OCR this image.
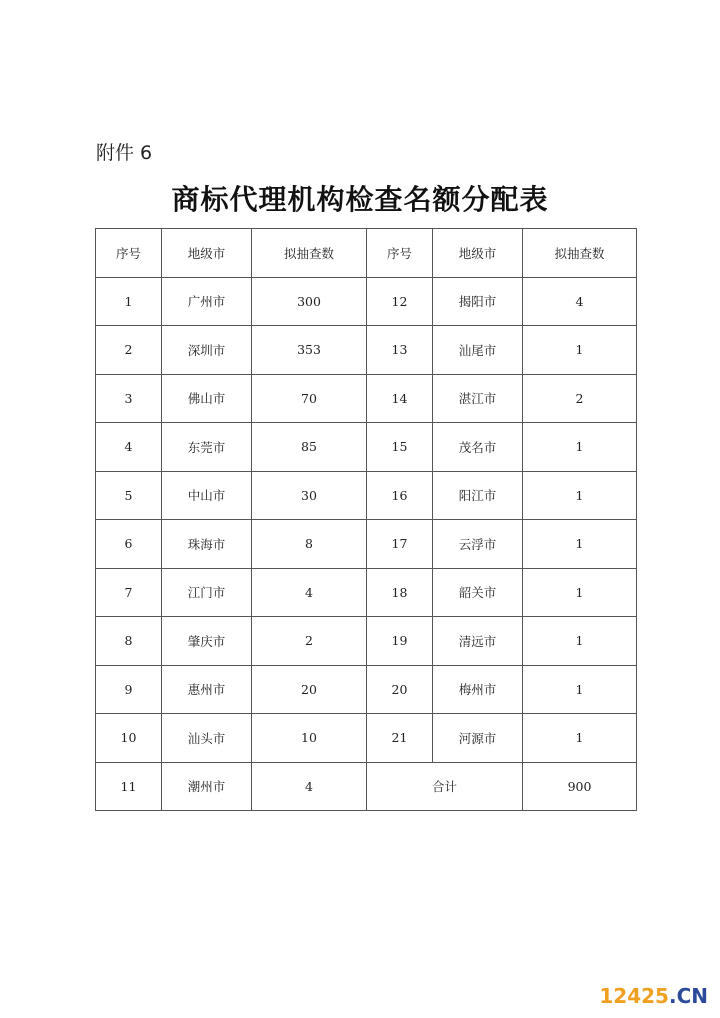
附件 6
商标代理机构检查名额分配表
序号	地级市	拟抽查数	序号	地级市	拟抽查数
1	广州市	300	12	揭阳市	4
2	深圳市	353	13	汕尾市	1
3	佛山市	70	14	湛江市	2
4	东莞市	85	15	茂名市	1
5	中山市	30	16	阳江市	1
6	珠海市	8	17	云浮市	1
7	江门市	4	18	韶关市	1
8	肇庆市	2	19	清远市	1
9	惠州市	20	20	梅州市	1
10	汕头市	10	21	河源市	1
11	潮州市	4	合计		900
12425.CN
